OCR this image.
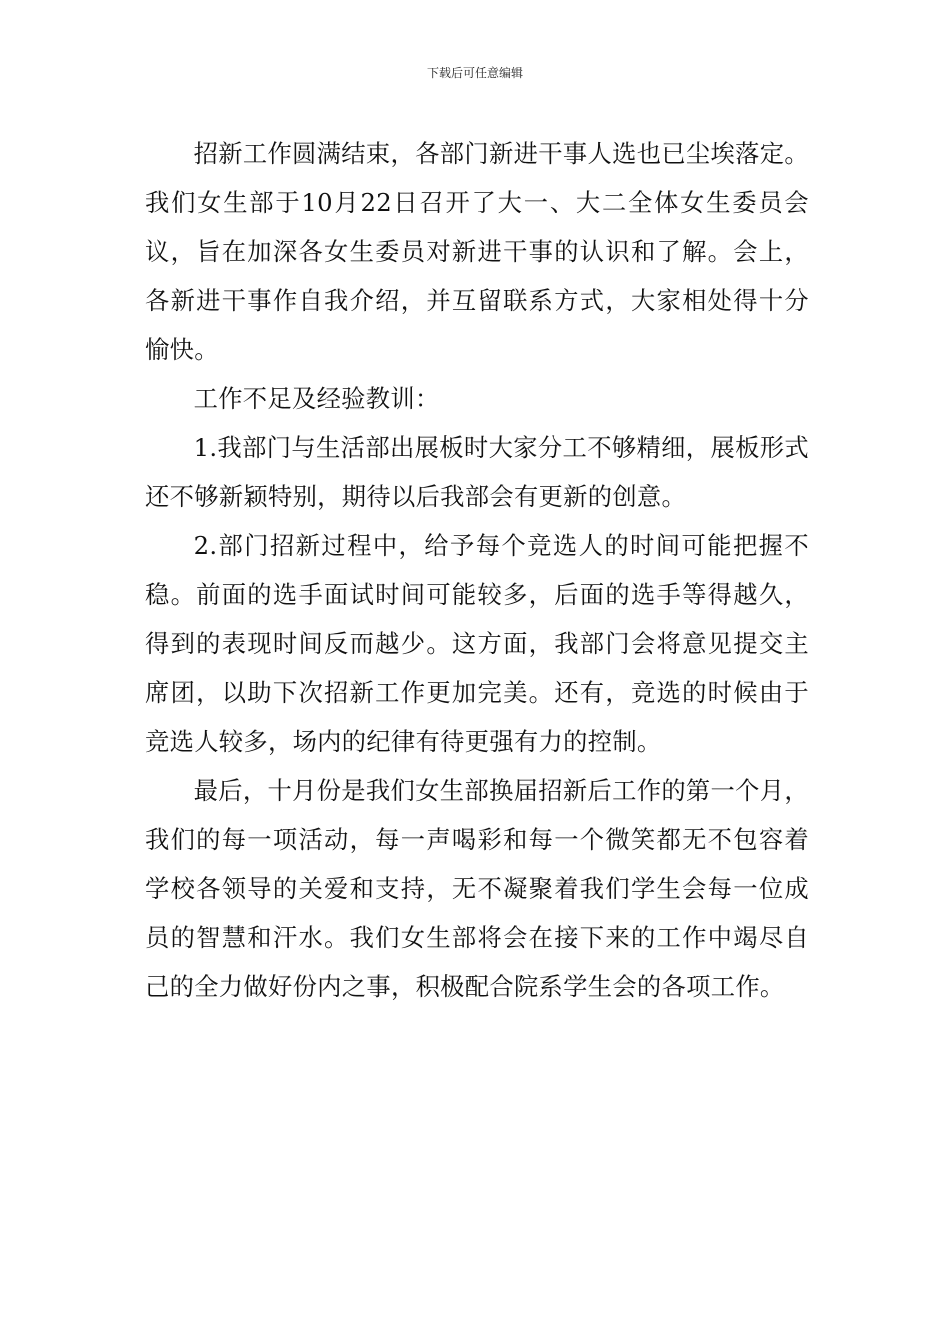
下载后可任意编辑

招新工作圆满结束，各部门新进干事人选也已尘埃落定。我们女生部于10月22日召开了大一、大二全体女生委员会议，旨在加深各女生委员对新进干事的认识和了解。会上，各新进干事作自我介绍，并互留联系方式，大家相处得十分愉快。

工作不足及经验教训：

1.我部门与生活部出展板时大家分工不够精细，展板形式还不够新颖特别，期待以后我部会有更新的创意。

2.部门招新过程中，给予每个竞选人的时间可能把握不稳。前面的选手面试时间可能较多，后面的选手等得越久，得到的表现时间反而越少。这方面，我部门会将意见提交主席团，以助下次招新工作更加完美。还有，竞选的时候由于竞选人较多，场内的纪律有待更强有力的控制。

最后，十月份是我们女生部换届招新后工作的第一个月，我们的每一项活动，每一声喝彩和每一个微笑都无不包容着学校各领导的关爱和支持，无不凝聚着我们学生会每一位成员的智慧和汗水。我们女生部将会在接下来的工作中竭尽自己的全力做好份内之事，积极配合院系学生会的各项工作。
